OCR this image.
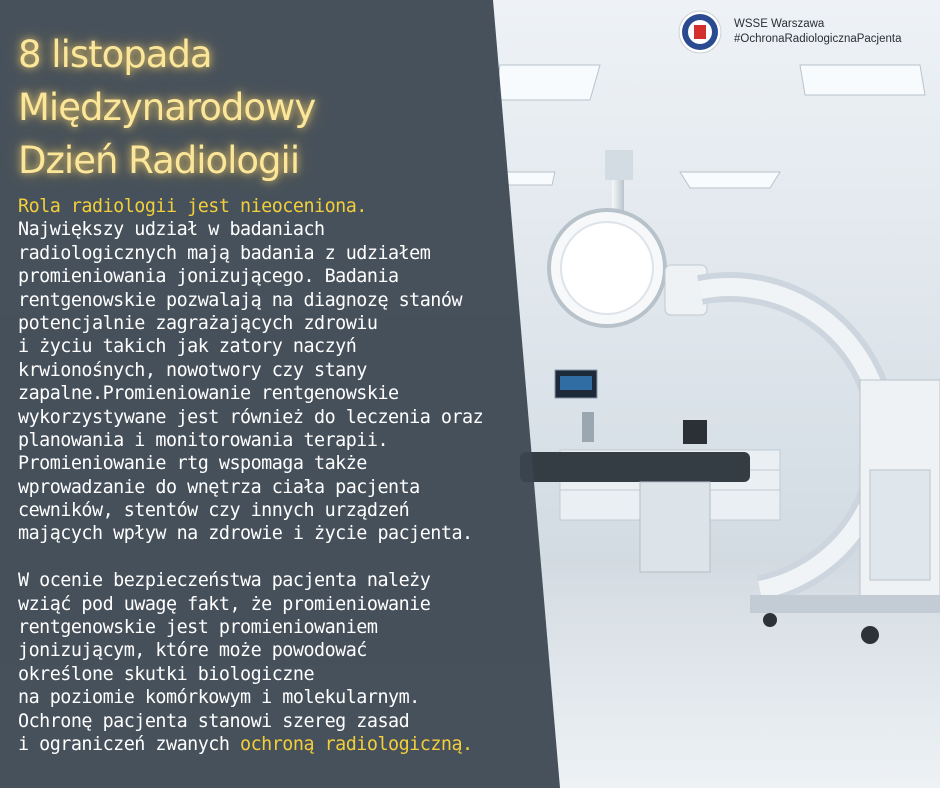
WSSE Warszawa
#OchronaRadiologicznaPacjenta
8 listopada
Międzynarodowy
Dzień Radiologii
Rola radiologii jest nieoceniona.
Największy udział w badaniach
radiologicznych mają badania z udziałem
promieniowania jonizującego. Badania
rentgenowskie pozwalają na diagnozę stanów
potencjalnie zagrażających zdrowiu
i życiu takich jak zatory naczyń
krwionośnych, nowotwory czy stany
zapalne.Promieniowanie rentgenowskie
wykorzystywane jest również do leczenia oraz
planowania i monitorowania terapii.
Promieniowanie rtg wspomaga także
wprowadzanie do wnętrza ciała pacjenta
cewników, stentów czy innych urządzeń
mających wpływ na zdrowie i życie pacjenta.
W ocenie bezpieczeństwa pacjenta należy
wziąć pod uwagę fakt, że promieniowanie
rentgenowskie jest promieniowaniem
jonizującym, które może powodować
określone skutki biologiczne
na poziomie komórkowym i molekularnym.
Ochronę pacjenta stanowi szereg zasad
i ograniczeń zwanych ochroną radiologiczną.
